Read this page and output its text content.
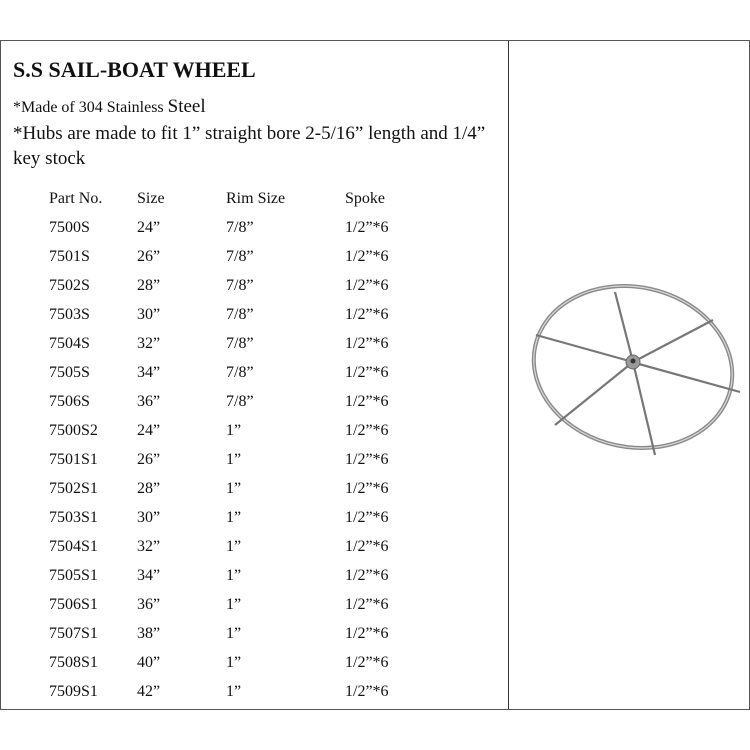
S.S SAIL-BOAT WHEEL
*Made of 304 Stainless Steel
*Hubs are made to fit 1” straight bore 2-5/16” length and 1/4” key stock
Part No.	Size	Rim Size	Spoke
7500S	24”	7/8”	1/2”*6
7501S	26”	7/8”	1/2”*6
7502S	28”	7/8”	1/2”*6
7503S	30”	7/8”	1/2”*6
7504S	32”	7/8”	1/2”*6
7505S	34”	7/8”	1/2”*6
7506S	36”	7/8”	1/2”*6
7500S2	24”	1”	1/2”*6
7501S1	26”	1”	1/2”*6
7502S1	28”	1”	1/2”*6
7503S1	30”	1”	1/2”*6
7504S1	32”	1”	1/2”*6
7505S1	34”	1”	1/2”*6
7506S1	36”	1”	1/2”*6
7507S1	38”	1”	1/2”*6
7508S1	40”	1”	1/2”*6
7509S1	42”	1”	1/2”*6
